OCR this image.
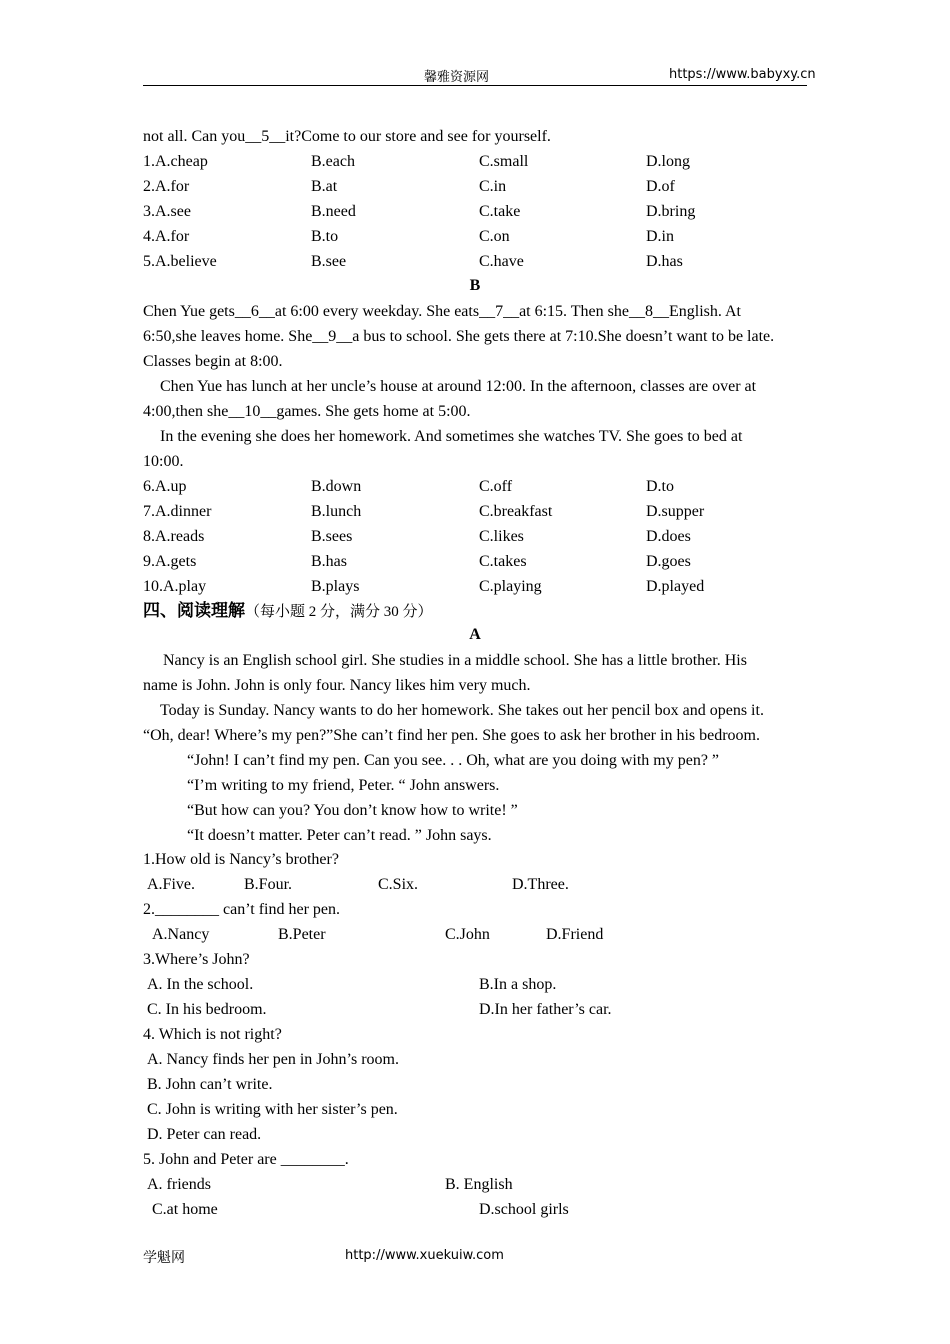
馨雅资源网	https://www.babyxy.cn
not all. Can you__5__it?Come to our store and see for yourself.
1.A.cheap	B.each	C.small	D.long
2.A.for	B.at	C.in	D.of
3.A.see	B.need	C.take	D.bring
4.A.for	B.to	C.on	D.in
5.A.believe	B.see	C.have	D.has
B
Chen Yue gets__6__at 6:00 every weekday. She eats__7__at 6:15. Then she__8__English. At
6:50,she leaves home. She__9__a bus to school. She gets there at 7:10.She doesn’t want to be late.
Classes begin at 8:00.
Chen Yue has lunch at her uncle’s house at around 12:00. In the afternoon, classes are over at
4:00,then she__10__games. She gets home at 5:00.
In the evening she does her homework. And sometimes she watches TV. She goes to bed at
10:00.
6.A.up	B.down	C.off	D.to
7.A.dinner	B.lunch	C.breakfast	D.supper
8.A.reads	B.sees	C.likes	D.does
9.A.gets	B.has	C.takes	D.goes
10.A.play	B.plays	C.playing	D.played
四、阅读理解（每小题 2 分，满分 30 分）
A
Nancy is an English school girl. She studies in a middle school. She has a little brother. His
name is John. John is only four. Nancy likes him very much.
Today is Sunday. Nancy wants to do her homework. She takes out her pencil box and opens it.
“Oh, dear! Where’s my pen?”She can’t find her pen. She goes to ask her brother in his bedroom.
“John! I can’t find my pen. Can you see. . . Oh, what are you doing with my pen? ”
“I’m writing to my friend, Peter. “ John answers.
“But how can you? You don’t know how to write! ”
“It doesn’t matter. Peter can’t read. ” John says.
1.How old is Nancy’s brother?
A.Five.	B.Four.	C.Six.	D.Three.
2.________ can’t find her pen.
A.Nancy	B.Peter	C.John	D.Friend
3.Where’s John?
A. In the school.	B.In a shop.
C. In his bedroom.	D.In her father’s car.
4. Which is not right?
A. Nancy finds her pen in John’s room.
B. John can’t write.
C. John is writing with her sister’s pen.
D. Peter can read.
5. John and Peter are ________.
A. friends	B. English
C.at home	D.school girls
学魁网	http://www.xuekuiw.com
